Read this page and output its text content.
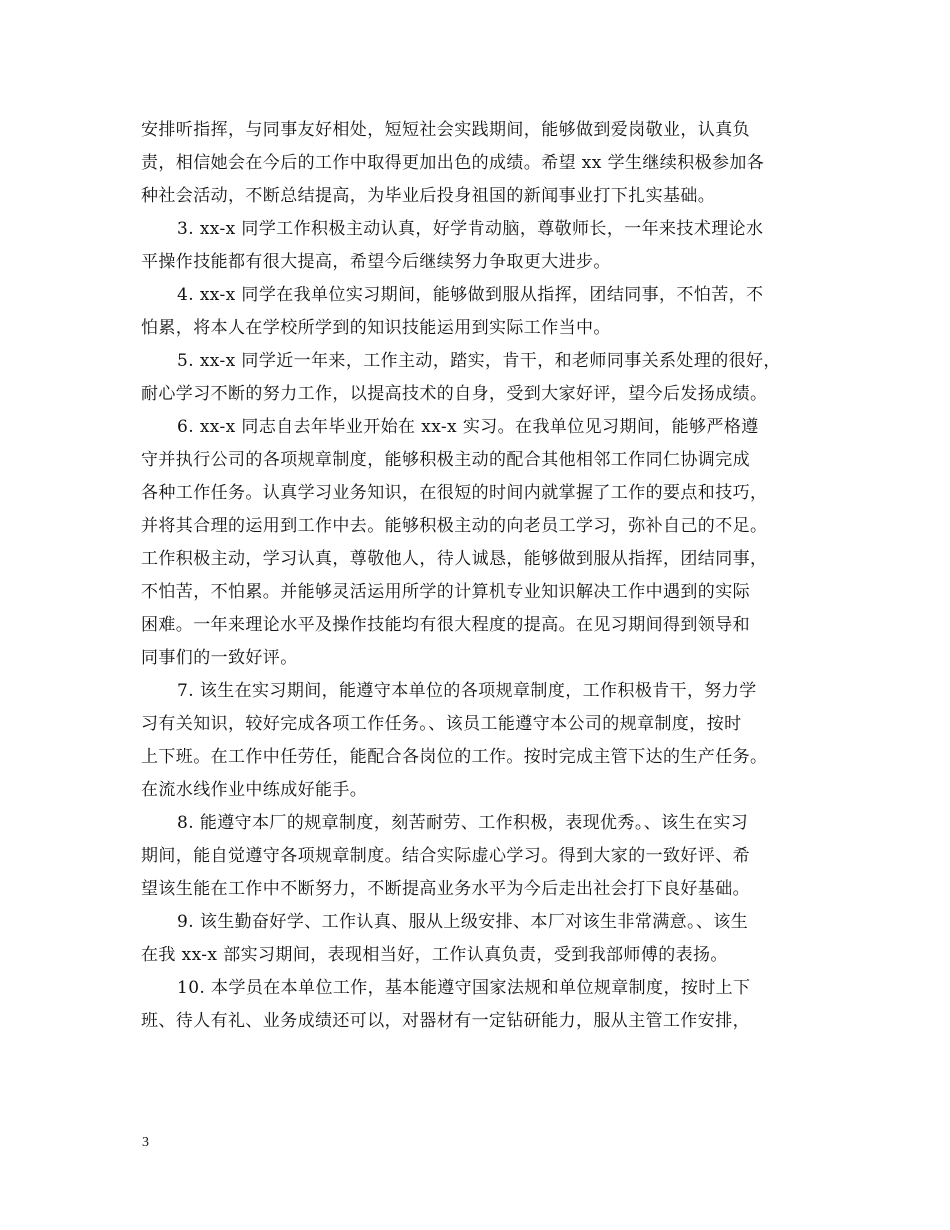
安排听指挥，与同事友好相处，短短社会实践期间，能够做到爱岗敬业，认真负
责，相信她会在今后的工作中取得更加出色的成绩。希望 xx 学生继续积极参加各
种社会活动，不断总结提高，为毕业后投身祖国的新闻事业打下扎实基础。
3. xx-x 同学工作积极主动认真，好学肯动脑，尊敬师长，一年来技术理论水
平操作技能都有很大提高，希望今后继续努力争取更大进步。
4. xx-x 同学在我单位实习期间，能够做到服从指挥，团结同事，不怕苦，不
怕累，将本人在学校所学到的知识技能运用到实际工作当中。
5. xx-x 同学近一年来，工作主动，踏实，肯干，和老师同事关系处理的很好，
耐心学习不断的努力工作，以提高技术的自身，受到大家好评，望今后发扬成绩。
6. xx-x 同志自去年毕业开始在 xx-x 实习。在我单位见习期间，能够严格遵
守并执行公司的各项规章制度，能够积极主动的配合其他相邻工作同仁协调完成
各种工作任务。认真学习业务知识，在很短的时间内就掌握了工作的要点和技巧，
并将其合理的运用到工作中去。能够积极主动的向老员工学习，弥补自己的不足。
工作积极主动，学习认真，尊敬他人，待人诚恳，能够做到服从指挥，团结同事，
不怕苦，不怕累。并能够灵活运用所学的计算机专业知识解决工作中遇到的实际
困难。一年来理论水平及操作技能均有很大程度的提高。在见习期间得到领导和
同事们的一致好评。
7. 该生在实习期间，能遵守本单位的各项规章制度，工作积极肯干，努力学
习有关知识，较好完成各项工作任务。、该员工能遵守本公司的规章制度，按时
上下班。在工作中任劳任，能配合各岗位的工作。按时完成主管下达的生产任务。
在流水线作业中练成好能手。
8. 能遵守本厂的规章制度，刻苦耐劳、工作积极，表现优秀。、该生在实习
期间，能自觉遵守各项规章制度。结合实际虚心学习。得到大家的一致好评、希
望该生能在工作中不断努力，不断提高业务水平为今后走出社会打下良好基础。
9. 该生勤奋好学、工作认真、服从上级安排、本厂对该生非常满意。、该生
在我 xx-x 部实习期间，表现相当好，工作认真负责，受到我部师傅的表扬。
10. 本学员在本单位工作，基本能遵守国家法规和单位规章制度，按时上下
班、待人有礼、业务成绩还可以，对器材有一定钻研能力，服从主管工作安排，
3
